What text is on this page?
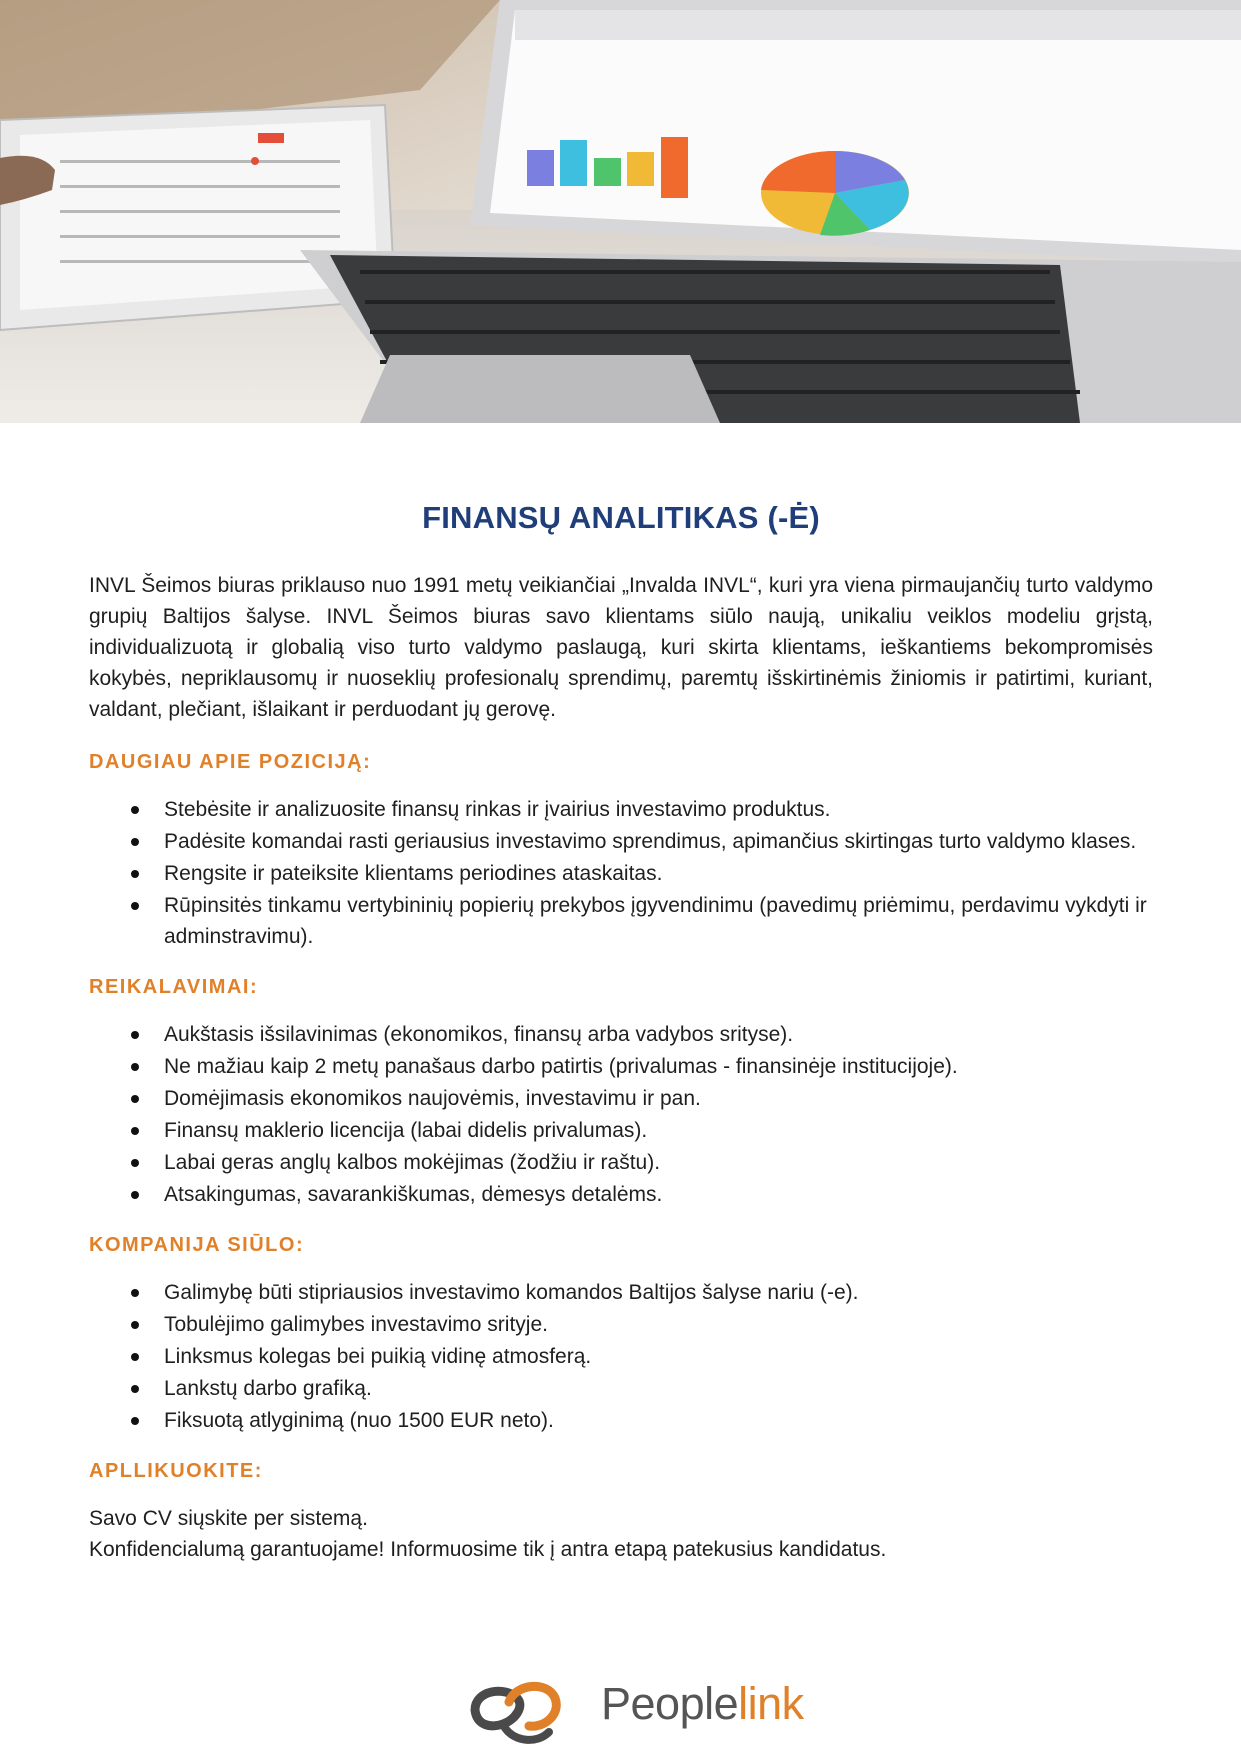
FINANSŲ ANALITIKAS (-Ė)

INVL Šeimos biuras priklauso nuo 1991 metų veikiančiai „Invalda INVL“, kuri yra viena pirmaujančių turto valdymo grupių Baltijos šalyse. INVL Šeimos biuras savo klientams siūlo naują, unikaliu veiklos modeliu grįstą, individualizuotą ir globalią viso turto valdymo paslaugą, kuri skirta klientams, ieškantiems bekompromisės kokybės, nepriklausomų ir nuoseklių profesionalų sprendimų, paremtų išskirtinėmis žiniomis ir patirtimi, kuriant, valdant, plečiant, išlaikant ir perduodant jų gerovę.

DAUGIAU APIE POZICIJĄ:
Stebėsite ir analizuosite finansų rinkas ir įvairius investavimo produktus.
Padėsite komandai rasti geriausius investavimo sprendimus, apimančius skirtingas turto valdymo klases.
Rengsite ir pateiksite klientams periodines ataskaitas.
Rūpinsitės tinkamu vertybininių popierių prekybos įgyvendinimu (pavedimų priėmimu, perdavimu vykdyti ir adminstravimu).
REIKALAVIMAI:
Aukštasis išsilavinimas (ekonomikos, finansų arba vadybos srityse).
Ne mažiau kaip 2 metų panašaus darbo patirtis (privalumas - finansinėje institucijoje).
Domėjimasis ekonomikos naujovėmis, investavimu ir pan.
Finansų maklerio licencija (labai didelis privalumas).
Labai geras anglų kalbos mokėjimas (žodžiu ir raštu).
Atsakingumas, savarankiškumas, dėmesys detalėms.
KOMPANIJA SIŪLO:
Galimybę būti stipriausios investavimo komandos Baltijos šalyse nariu (-e).
Tobulėjimo galimybes investavimo srityje.
Linksmus kolegas bei puikią vidinę atmosferą.
Lankstų darbo grafiką.
Fiksuotą atlyginimą (nuo 1500 EUR neto).
APLLIKUOKITE:

Savo CV siųskite per sistemą.

Konfidencialumą garantuojame! Informuosime tik į antra etapą patekusius kandidatus.

Peoplelink
